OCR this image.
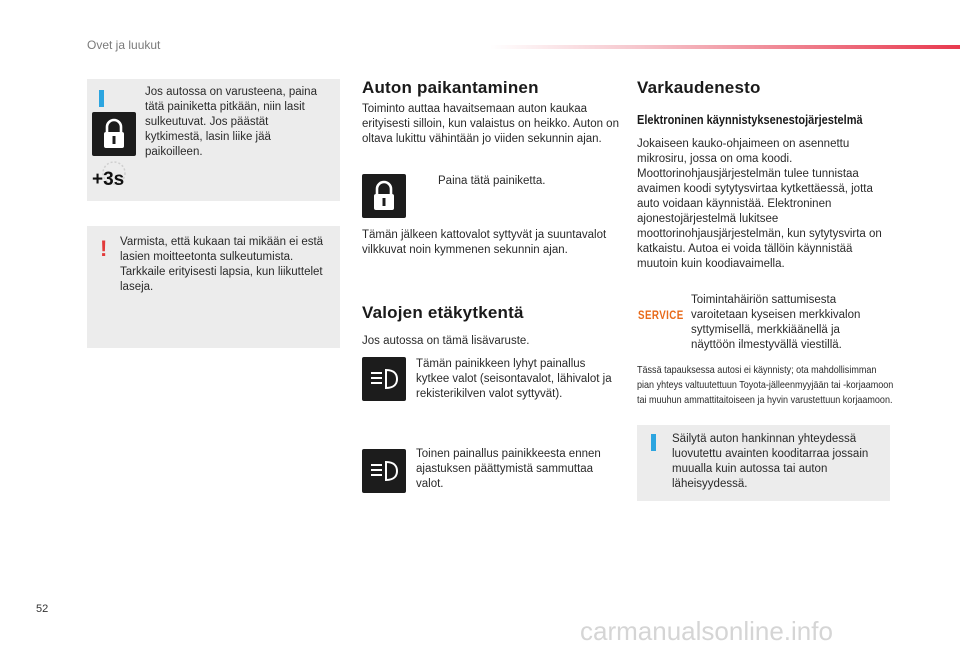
Ovet ja luukut
+3s
Jos autossa on varusteena, paina tätä painiketta pitkään, niin lasit sulkeutuvat. Jos päästät kytkimestä, lasin liike jää paikoilleen.
! Varmista, että kukaan tai mikään ei estä lasien moitteetonta sulkeutumista. Tarkkaile erityisesti lapsia, kun liikuttelet laseja.
Auton paikantaminen
Toiminto auttaa havaitsemaan auton kaukaa erityisesti silloin, kun valaistus on heikko. Auton on oltava lukittu vähintään jo viiden sekunnin ajan.
Paina tätä painiketta.
Tämän jälkeen kattovalot syttyvät ja suuntavalot vilkkuvat noin kymmenen sekunnin ajan.
Valojen etäkytkentä
Jos autossa on tämä lisävaruste.
Tämän painikkeen lyhyt painallus kytkee valot (seisontavalot, lähivalot ja rekisterikilven valot syttyvät).
Toinen painallus painikkeesta ennen ajastuksen päättymistä sammuttaa valot.
Varkaudenesto
Elektroninen käynnistyksenestojärjestelmä
Jokaiseen kauko-ohjaimeen on asennettu mikrosiru, jossa on oma koodi. Moottorinohjausjärjestelmän tulee tunnistaa avaimen koodi sytytysvirtaa kytkettäessä, jotta auto voidaan käynnistää. Elektroninen ajonestojärjestelmä lukitsee moottorinohjausjärjestelmän, kun sytytysvirta on katkaistu. Autoa ei voida tällöin käynnistää muutoin kuin koodiavaimella.
SERVICE
Toimintahäiriön sattumisesta varoitetaan kyseisen merkkivalon syttymisellä, merkkiäänellä ja näyttöön ilmestyvällä viestillä.
Tässä tapauksessa autosi ei käynnisty; ota mahdollisimman pian yhteys valtuutettuun Toyota-jälleenmyyjään tai -korjaamoon tai muuhun ammattitaitoiseen ja hyvin varustettuun korjaamoon.
Säilytä auton hankinnan yhteydessä luovutettu avainten kooditarraa jossain muualla kuin autossa tai auton läheisyydessä.
52
carmanualsonline.info
